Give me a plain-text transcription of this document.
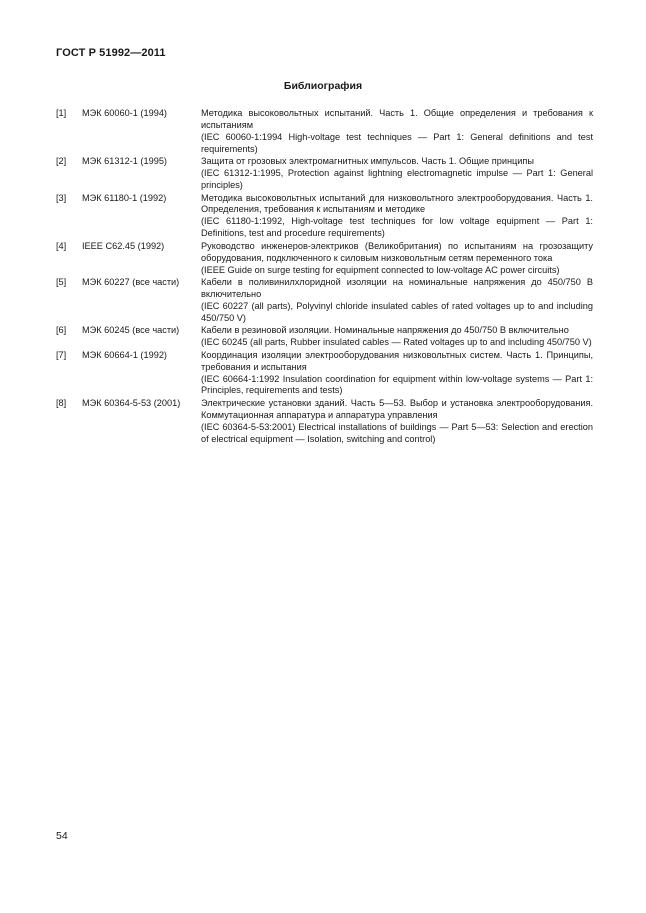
ГОСТ Р 51992—2011
Библиография
[1]	МЭК 60060-1 (1994)	Методика высоковольтных испытаний. Часть 1. Общие определения и требования к испытаниям
(IEC 60060-1:1994 High-voltage test techniques — Part 1: General definitions and test requirements)
[2]	МЭК 61312-1 (1995)	Защита от грозовых электромагнитных импульсов. Часть 1. Общие принципы
(IEC 61312-1:1995, Protection against lightning electromagnetic impulse — Part 1: General principles)
[3]	МЭК 61180-1 (1992)	Методика высоковольтных испытаний для низковольтного электрооборудования. Часть 1. Определения, требования к испытаниям и методике
(IEC 61180-1:1992, High-voltage test techniques for low voltage equipment — Part 1: Definitions, test and procedure requirements)
[4]	IEEE C62.45 (1992)	Руководство инженеров-электриков (Великобритания) по испытаниям на грозозащиту оборудования, подключенного к силовым низковольтным сетям переменного тока
(IEEE Guide on surge testing for equipment connected to low-voltage AC power circuits)
[5]	МЭК 60227 (все части)	Кабели в поливинилхлоридной изоляции на номинальные напряжения до 450/750 В включительно
(IEC 60227 (all parts), Polyvinyl chloride insulated cables of rated voltages up to and including 450/750 V)
[6]	МЭК 60245 (все части)	Кабели в резиновой изоляции. Номинальные напряжения до 450/750 В включительно
(IEC 60245 (all parts, Rubber insulated cables — Rated voltages up to and including 450/750 V)
[7]	МЭК 60664-1 (1992)	Координация изоляции электрооборудования низковольтных систем. Часть 1. Принципы, требования и испытания
(IEC 60664-1:1992 Insulation coordination for equipment within low-voltage systems — Part 1: Principles, requirements and tests)
[8]	МЭК 60364-5-53 (2001)	Электрические установки зданий. Часть 5—53. Выбор и установка электрооборудования. Коммутационная аппаратура и аппаратура управления
(IEC 60364-5-53:2001) Electrical installations of buildings — Part 5—53: Selection and erection of electrical equipment — Isolation, switching and control)
54
